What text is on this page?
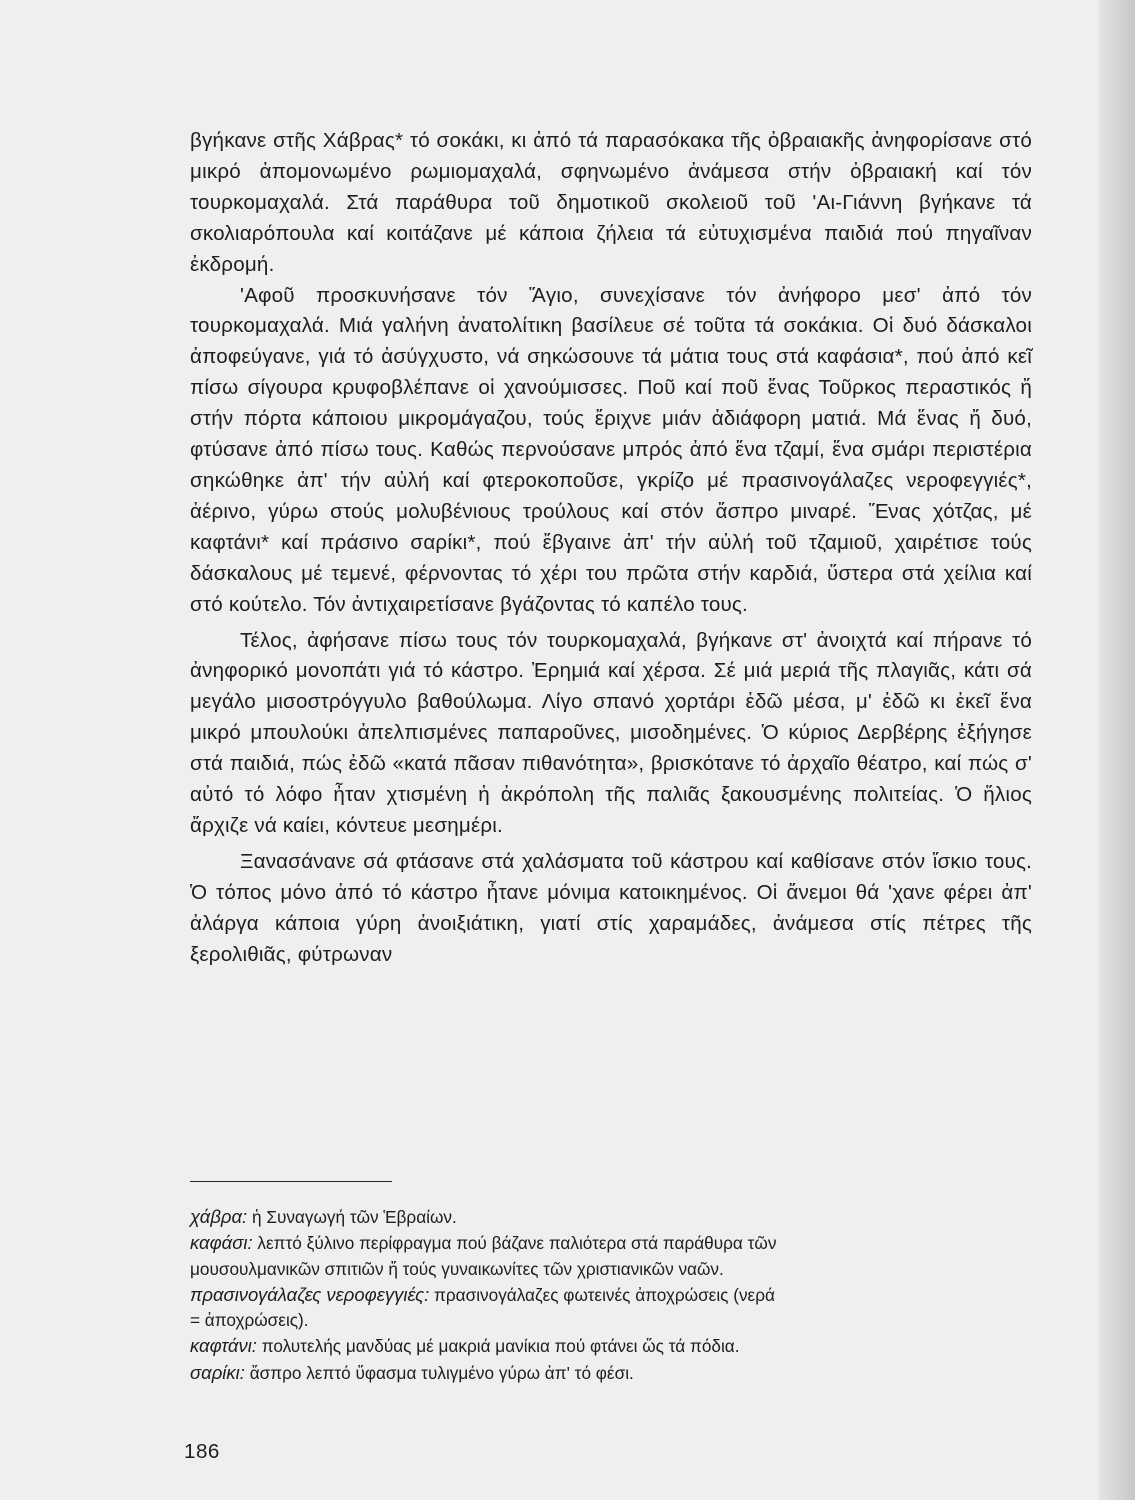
βγήκανε στῆς Χάβρας* τό σοκάκι, κι ἀπό τά παρασόκακα τῆς ὀβραιακῆς ἀνηφορίσανε στό μικρό ἀπομονωμένο ρωμιομαχαλά, σφηνωμένο ἀνάμεσα στήν ὀβραιακή καί τόν τουρκομαχαλά. Στά παράθυρα τοῦ δημοτικοῦ σκολειοῦ τοῦ 'Αι-Γιάννη βγήκανε τά σκολιαρόπουλα καί κοιτάζανε μέ κάποια ζήλεια τά εὐτυχισμένα παιδιά πού πηγαῖναν ἐκδρομή.

'Αφοῦ προσκυνήσανε τόν Ἅγιο, συνεχίσανε τόν ἀνήφορο μεσ' ἀπό τόν τουρκομαχαλά. Μιά γαλήνη ἀνατολίτικη βασίλευε σέ τοῦτα τά σοκάκια. Οἱ δυό δάσκαλοι ἀποφεύγανε, γιά τό ἀσύγχυστο, νά σηκώσουνε τά μάτια τους στά καφάσια*, πού ἀπό κεῖ πίσω σίγουρα κρυφοβλέπανε οἱ χανούμισσες. Ποῦ καί ποῦ ἕνας Τοῦρκος περαστικός ἤ στήν πόρτα κάποιου μικρομάγαζου, τούς ἔριχνε μιάν ἀδιάφορη ματιά. Μά ἕνας ἤ δυό, φτύσανε ἀπό πίσω τους. Καθώς περνούσανε μπρός ἀπό ἕνα τζαμί, ἕνα σμάρι περιστέρια σηκώθηκε ἀπ' τήν αὐλή καί φτεροκοποῦσε, γκρίζο μέ πρασινογάλαζες νεροφεγγιές*, ἀέρινο, γύρω στούς μολυβένιους τρούλους καί στόν ἄσπρο μιναρέ. Ἕνας χότζας, μέ καφτάνι* καί πράσινο σαρίκι*, πού ἔβγαινε ἀπ' τήν αὐλή τοῦ τζαμιοῦ, χαιρέτισε τούς δάσκαλους μέ τεμενέ, φέρνοντας τό χέρι του πρῶτα στήν καρδιά, ὕστερα στά χείλια καί στό κούτελο. Τόν ἀντιχαιρετίσανε βγάζοντας τό καπέλο τους.

Τέλος, ἀφήσανε πίσω τους τόν τουρκομαχαλά, βγήκανε στ' ἀνοιχτά καί πήρανε τό ἀνηφορικό μονοπάτι γιά τό κάστρο. Ἐρημιά καί χέρσα. Σέ μιά μεριά τῆς πλαγιᾶς, κάτι σά μεγάλο μισοστρόγγυλο βαθούλωμα. Λίγο σπανό χορτάρι ἐδῶ μέσα, μ' ἐδῶ κι ἐκεῖ ἕνα μικρό μπουλούκι ἀπελπισμένες παπαροῦνες, μισοδημένες. Ὁ κύριος Δερβέρης ἐξήγησε στά παιδιά, πώς ἐδῶ «κατά πᾶσαν πιθανότητα», βρισκότανε τό ἀρχαῖο θέατρο, καί πώς σ' αὐτό τό λόφο ἦταν χτισμένη ἡ ἀκρόπολη τῆς παλιᾶς ξακουσμένης πολιτείας. Ὁ ἥλιος ἄρχιζε νά καίει, κόντευε μεσημέρι.

Ξανασάνανε σά φτάσανε στά χαλάσματα τοῦ κάστρου καί καθίσανε στόν ἴσκιο τους. Ὁ τόπος μόνο ἀπό τό κάστρο ἦτανε μόνιμα κατοικημένος. Οἱ ἄνεμοι θά 'χανε φέρει ἀπ' ἀλάργα κάποια γύρη ἀνοιξιάτικη, γιατί στίς χαραμάδες, ἀνάμεσα στίς πέτρες τῆς ξερολιθιᾶς, φύτρωναν

χάβρα: ἡ Συναγωγή τῶν Ἑβραίων.

καφάσι: λεπτό ξύλινο περίφραγμα πού βάζανε παλιότερα στά παράθυρα τῶν

μουσουλμανικῶν σπιτιῶν ἤ τούς γυναικωνίτες τῶν χριστιανικῶν ναῶν.

πρασινογάλαζες νεροφεγγιές: πρασινογάλαζες φωτεινές ἀποχρώσεις (νερά

= ἀποχρώσεις).

καφτάνι: πολυτελής μανδύας μέ μακριά μανίκια πού φτάνει ὥς τά πόδια.

σαρίκι: ἄσπρο λεπτό ὕφασμα τυλιγμένο γύρω ἀπ' τό φέσι.

186
